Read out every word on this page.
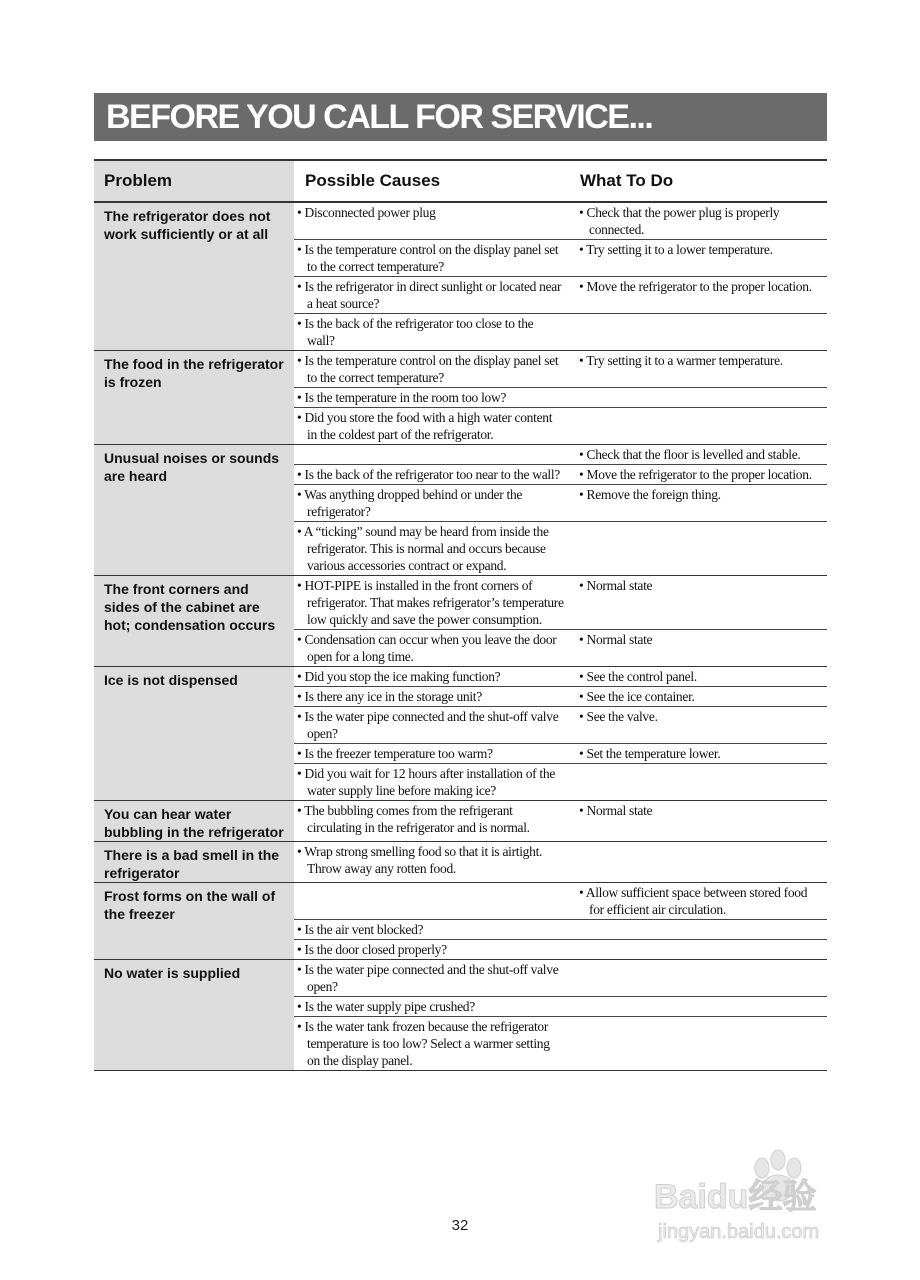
BEFORE YOU CALL FOR SERVICE...
Problem	Possible Causes	What To Do
The refrigerator does not work sufficiently or at all	• Disconnected power plug	• Check that the power plug is properly connected.

	• Is the temperature control on the display panel set to the correct temperature?	• Try setting it to a lower temperature.

	• Is the refrigerator in direct sunlight or located near a heat source?	• Move the refrigerator to the proper location.

	• Is the back of the refrigerator too close to the wall?	

The food in the refrigerator is frozen	• Is the temperature control on the display panel set to the correct temperature?	• Try setting it to a warmer temperature.

	• Is the temperature in the room too low?	

	• Did you store the food with a high water content in the coldest part of the refrigerator.	

Unusual noises or sounds are heard		• Check that the floor is levelled and stable.

	• Is the back of the refrigerator too near to the wall?	• Move the refrigerator to the proper location.

	• Was anything dropped behind or under the refrigerator?	• Remove the foreign thing.

	• A “ticking” sound may be heard from inside the refrigerator. This is normal and occurs because various accessories contract or expand.	

The front corners and sides of the cabinet are hot; condensation occurs	• HOT-PIPE is installed in the front corners of refrigerator. That makes refrigerator’s temperature low quickly and save the power consumption.	• Normal state

	• Condensation can occur when you leave the door open for a long time.	• Normal state

Ice is not dispensed	• Did you stop the ice making function?	• See the control panel.

	• Is there any ice in the storage unit?	• See the ice container.

	• Is the water pipe connected and the shut-off valve open?	• See the valve.

	• Is the freezer temperature too warm?	• Set the temperature lower.

	• Did you wait for 12 hours after installation of the water supply line before making ice?	

You can hear water bubbling in the refrigerator	• The bubbling comes from the refrigerant circulating in the refrigerator and is normal.	• Normal state

There is a bad smell in the refrigerator	• Wrap strong smelling food so that it is airtight. Throw away any rotten food.	

Frost forms on the wall of the freezer		• Allow sufficient space between stored food for efficient air circulation.

	• Is the air vent blocked?	

	• Is the door closed properly?	

No water is supplied	• Is the water pipe connected and the shut-off valve open?	

	• Is the water supply pipe crushed?	

	• Is the water tank frozen because the refrigerator temperature is too low? Select a warmer setting on the display panel.	

Baidu经验
jingyan.baidu.com
32
